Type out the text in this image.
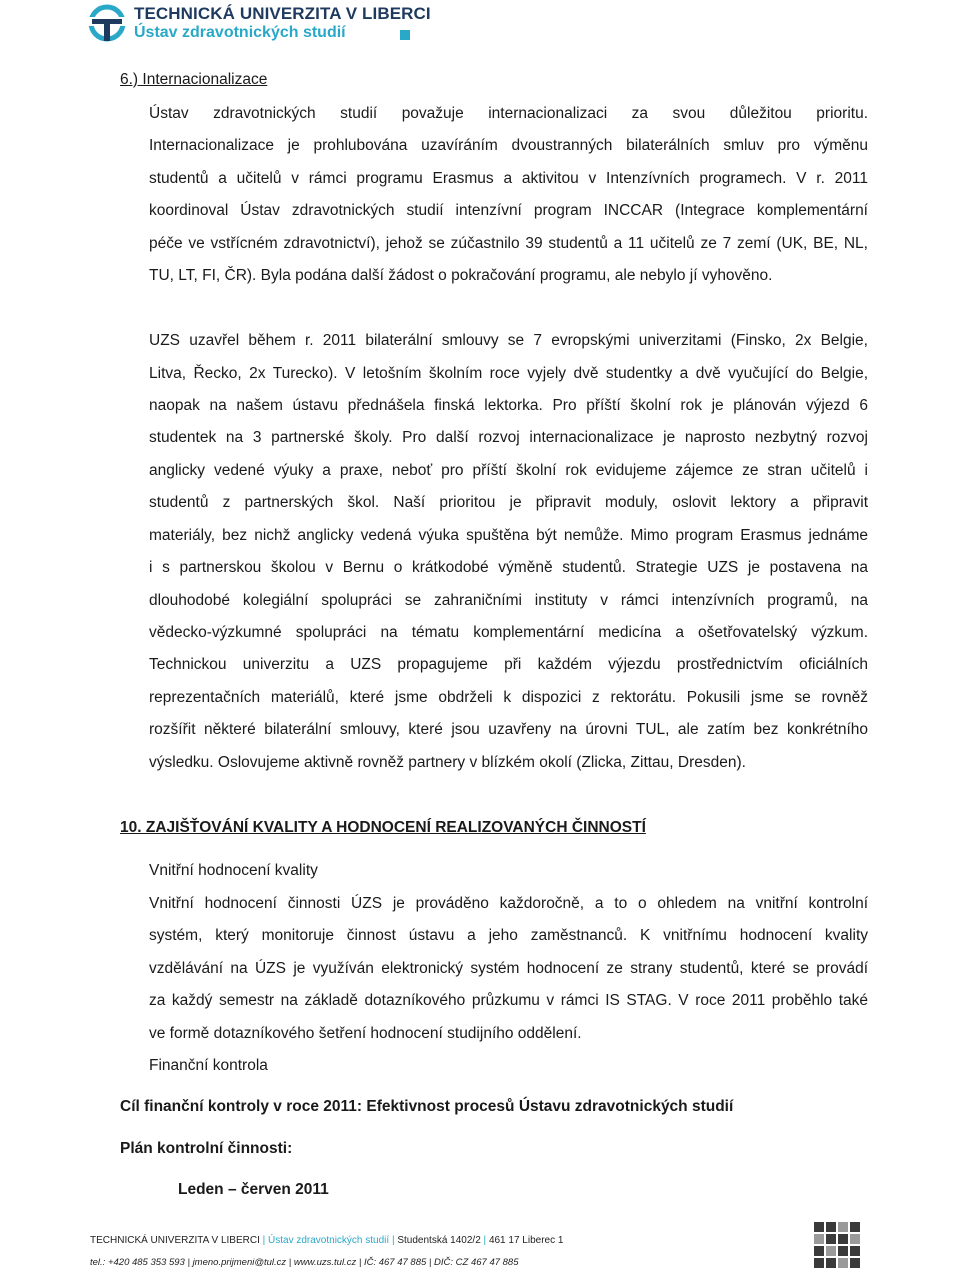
TECHNICKÁ UNIVERZITA V LIBERCI
Ústav zdravotnických studií
6.) Internacionalizace
Ústav zdravotnických studií považuje internacionalizaci za svou důležitou prioritu.
Internacionalizace je prohlubována uzavíráním dvoustranných bilaterálních smluv pro výměnu
studentů a učitelů v rámci programu Erasmus a aktivitou v Intenzívních programech. V r. 2011
koordinoval Ústav zdravotnických studií intenzívní program INCCAR (Integrace komplementární
péče ve vstřícném zdravotnictví), jehož se zúčastnilo 39 studentů a 11 učitelů ze 7 zemí (UK, BE, NL,
TU, LT, FI, ČR). Byla podána další žádost o pokračování programu, ale nebylo jí vyhověno.
UZS uzavřel během r. 2011 bilaterální smlouvy se 7 evropskými univerzitami (Finsko, 2x Belgie,
Litva, Řecko, 2x Turecko). V letošním školním roce vyjely dvě studentky a dvě vyučující do Belgie,
naopak na našem ústavu přednášela finská lektorka. Pro příští školní rok je plánován výjezd 6
studentek na 3 partnerské školy. Pro další rozvoj internacionalizace je naprosto nezbytný rozvoj
anglicky vedené výuky a praxe, neboť pro příští školní rok evidujeme zájemce ze stran učitelů i
studentů z partnerských škol. Naší prioritou je připravit moduly, oslovit lektory a připravit
materiály, bez nichž anglicky vedená výuka spuštěna být nemůže. Mimo program Erasmus jednáme
i s partnerskou školou v Bernu o krátkodobé výměně studentů. Strategie UZS je postavena na
dlouhodobé kolegiální spolupráci se zahraničními instituty v rámci intenzívních programů, na
vědecko-výzkumné spolupráci na tématu komplementární medicína a ošetřovatelský výzkum.
Technickou univerzitu a UZS propagujeme při každém výjezdu prostřednictvím oficiálních
reprezentačních materiálů, které jsme obdrželi k dispozici z rektorátu. Pokusili jsme se rovněž
rozšířit některé bilaterální smlouvy, které jsou uzavřeny na úrovni TUL, ale zatím bez konkrétního
výsledku. Oslovujeme aktivně rovněž partnery v blízkém okolí (Zlicka, Zittau, Dresden).
10. ZAJIŠŤOVÁNÍ KVALITY A HODNOCENÍ REALIZOVANÝCH ČINNOSTÍ
Vnitřní hodnocení kvality
Vnitřní hodnocení činnosti ÚZS je prováděno každoročně, a to o ohledem na vnitřní kontrolní
systém, který monitoruje činnost ústavu a jeho zaměstnanců. K vnitřnímu hodnocení kvality
vzdělávání na ÚZS je využíván elektronický systém hodnocení ze strany studentů, které se provádí
za každý semestr na základě dotazníkového průzkumu v rámci IS STAG. V roce 2011 proběhlo také
ve formě dotazníkového šetření hodnocení studijního oddělení.
Finanční kontrola
Cíl finanční kontroly v roce 2011: Efektivnost procesů Ústavu zdravotnických studií
Plán kontrolní činnosti:
Leden – červen 2011
TECHNICKÁ UNIVERZITA V LIBERCI | Ústav zdravotnických studií | Studentská 1402/2 | 461 17 Liberec 1
tel.: +420 485 353 593 | jmeno.prijmeni@tul.cz | www.uzs.tul.cz | IČ: 467 47 885 | DIČ: CZ 467 47 885
